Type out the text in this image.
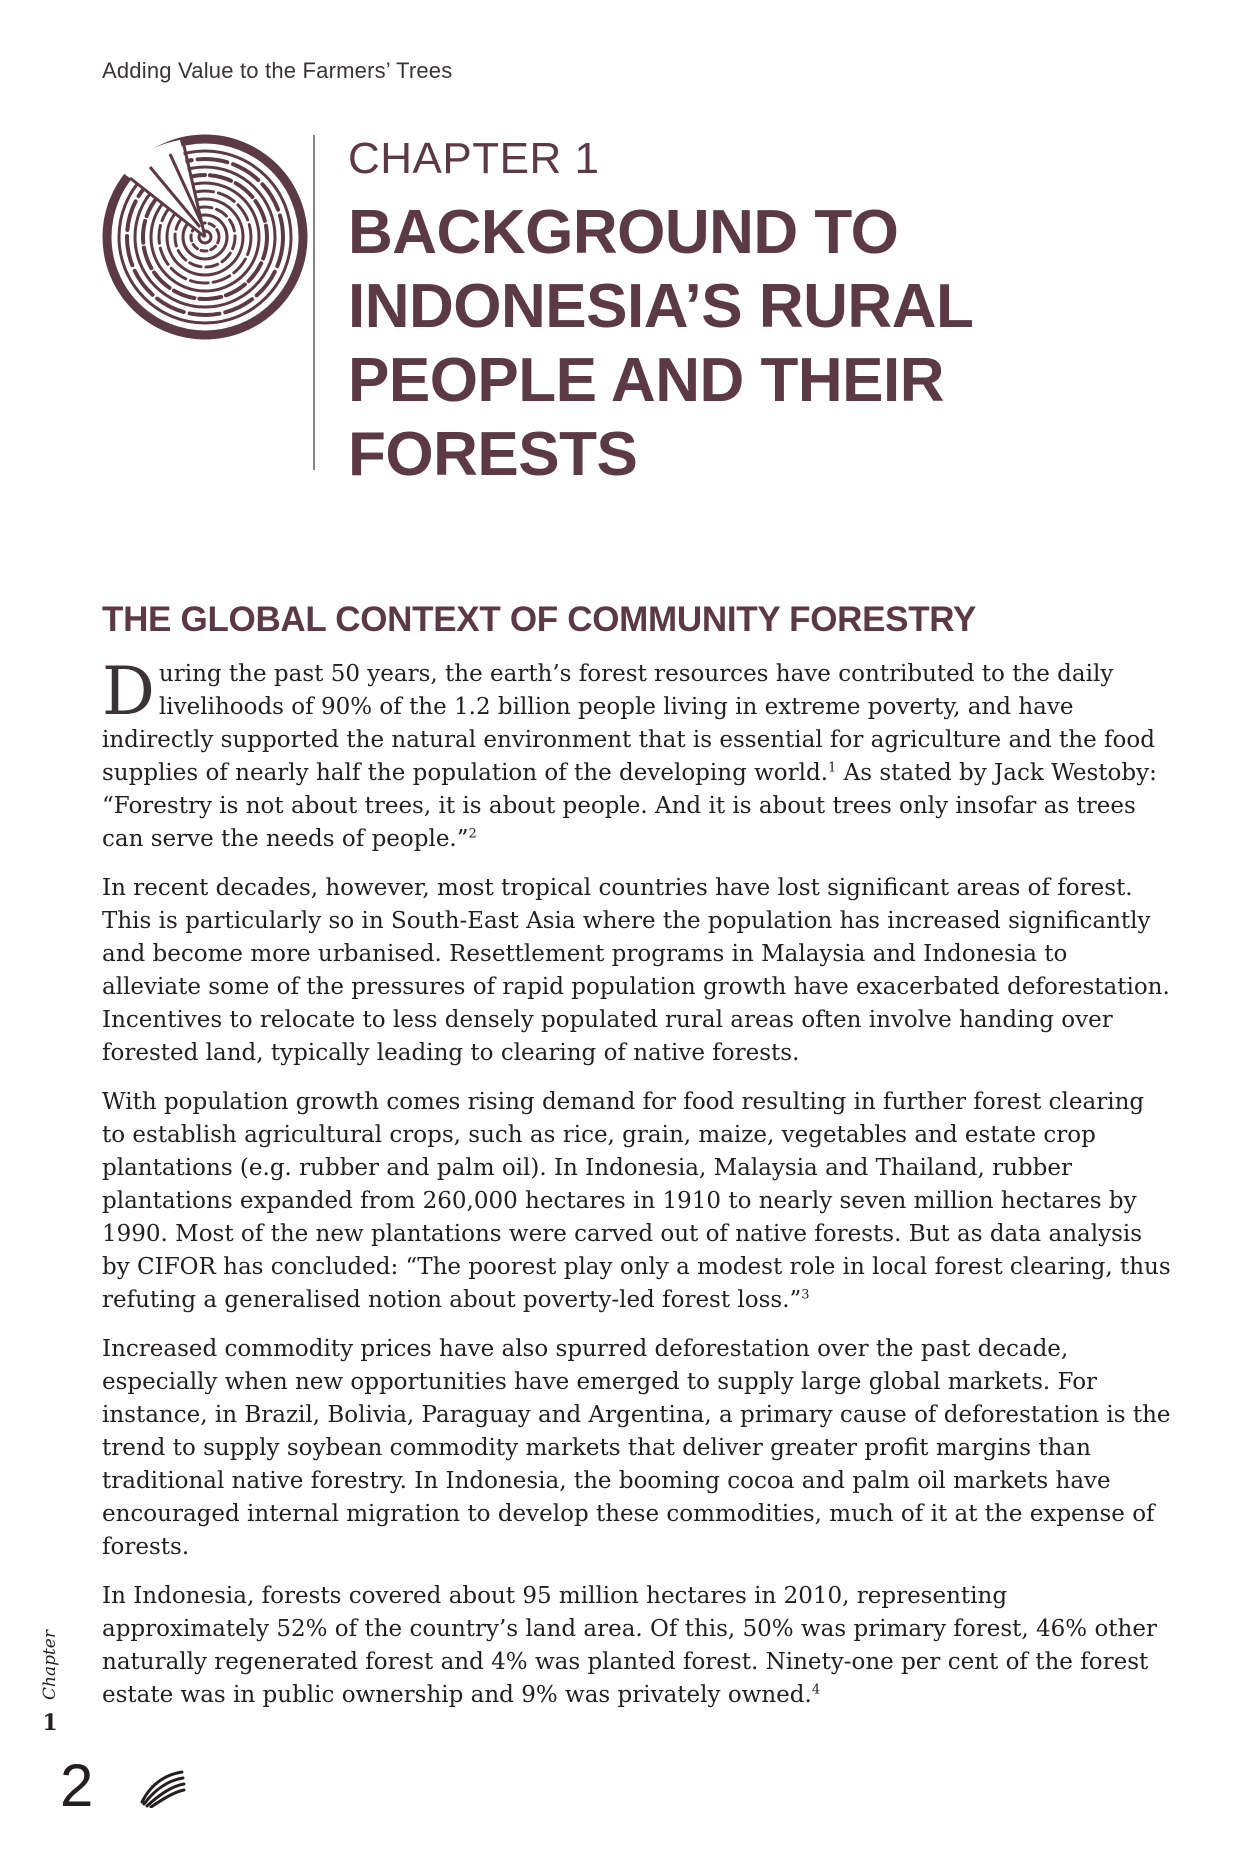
Adding Value to the Farmers’ Trees
CHAPTER 1
BACKGROUND TO
INDONESIA’S RURAL
PEOPLE AND THEIR
FORESTS
THE GLOBAL CONTEXT OF COMMUNITY FORESTRY

During the past 50 years, the earth’s forest resources have contributed to the daily livelihoods of 90% of the 1.2 billion people living in extreme poverty, and have indirectly supported the natural environment that is essential for agriculture and the food supplies of nearly half the population of the developing world.$^1$ As stated by Jack Westoby: “Forestry is not about trees, it is about people. And it is about trees only insofar as trees can serve the needs of people.”$^2$

In recent decades, however, most tropical countries have lost significant areas of forest. This is particularly so in South-East Asia where the population has increased significantly and become more urbanised. Resettlement programs in Malaysia and Indonesia to alleviate some of the pressures of rapid population growth have exacerbated deforestation. Incentives to relocate to less densely populated rural areas often involve handing over forested land, typically leading to clearing of native forests.

With population growth comes rising demand for food resulting in further forest clearing to establish agricultural crops, such as rice, grain, maize, vegetables and estate crop plantations (e.g. rubber and palm oil). In Indonesia, Malaysia and Thailand, rubber plantations expanded from 260,000 hectares in 1910 to nearly seven million hectares by 1990. Most of the new plantations were carved out of native forests. But as data analysis by CIFOR has concluded: “The poorest play only a modest role in local forest clearing, thus refuting a generalised notion about poverty-led forest loss.”$^3$

Increased commodity prices have also spurred deforestation over the past decade, especially when new opportunities have emerged to supply large global markets. For instance, in Brazil, Bolivia, Paraguay and Argentina, a primary cause of deforestation is the trend to supply soybean commodity markets that deliver greater profit margins than traditional native forestry. In Indonesia, the booming cocoa and palm oil markets have encouraged internal migration to develop these commodities, much of it at the expense of forests.

In Indonesia, forests covered about 95 million hectares in 2010, representing approximately 52% of the country’s land area. Of this, 50% was primary forest, 46% other naturally regenerated forest and 4% was planted forest. Ninety-one per cent of the forest estate was in public ownership and 9% was privately owned.$^4$

Chapter
1
2
